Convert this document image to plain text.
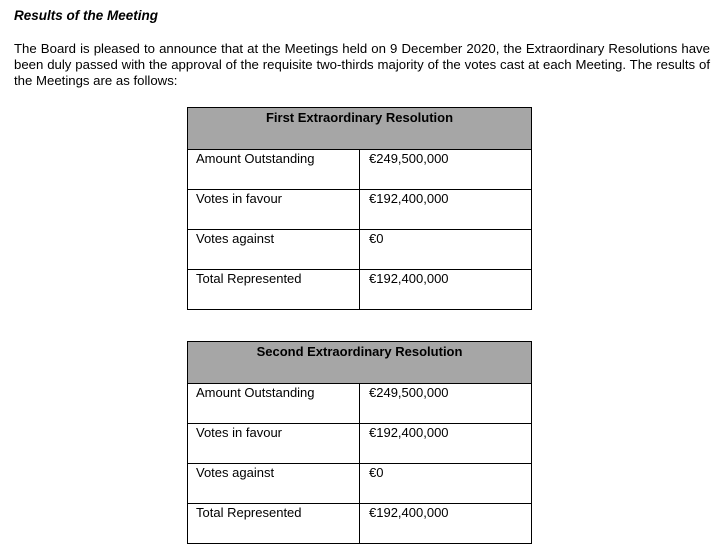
Results of the Meeting

The Board is pleased to announce that at the Meetings held on 9 December 2020, the Extraordinary Resolutions have been duly passed with the approval of the requisite two-thirds majority of the votes cast at each Meeting. The results of the Meetings are as follows:

First Extraordinary Resolution	
Amount Outstanding	€249,500,000
Votes in favour	€192,400,000
Votes against	€0
Total Represented	€192,400,000
Second Extraordinary Resolution	
Amount Outstanding	€249,500,000
Votes in favour	€192,400,000
Votes against	€0
Total Represented	€192,400,000
